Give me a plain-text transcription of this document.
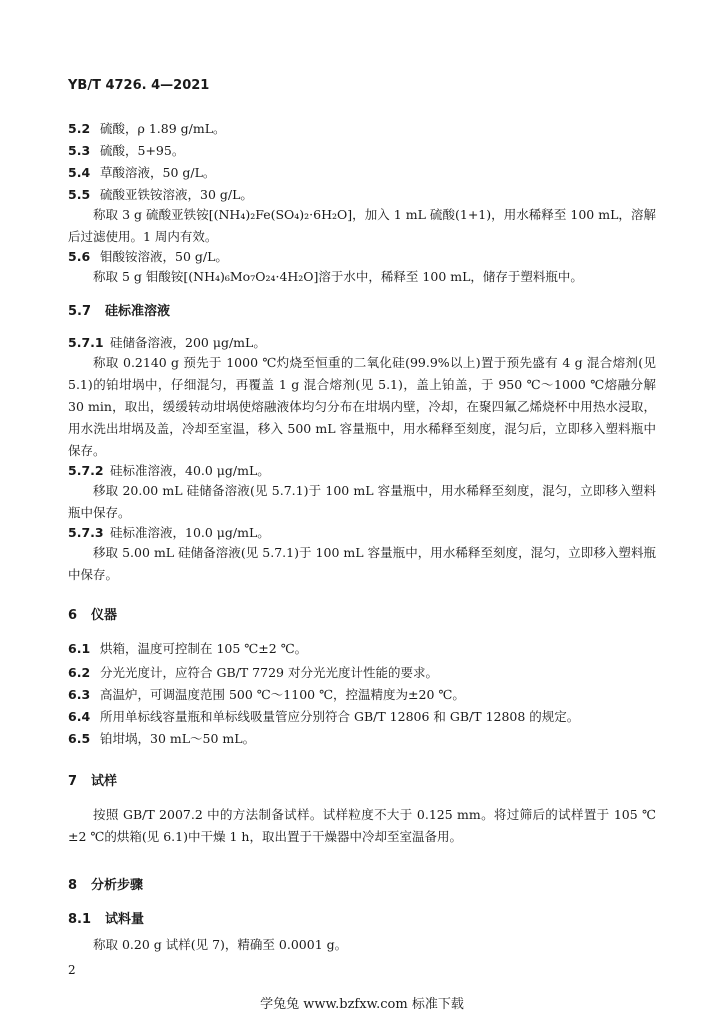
YB/T 4726. 4—2021
5.2 硫酸，ρ 1.89 g/mL。
5.3 硫酸，5+95。
5.4 草酸溶液，50 g/L。
5.5 硫酸亚铁铵溶液，30 g/L。
称取 3 g 硫酸亚铁铵[(NH₄)₂Fe(SO₄)₂·6H₂O]，加入 1 mL 硫酸(1+1)，用水稀释至 100 mL，溶解后过滤使用。1 周内有效。
5.6 钼酸铵溶液，50 g/L。
称取 5 g 钼酸铵[(NH₄)₆Mo₇O₂₄·4H₂O]溶于水中，稀释至 100 mL，储存于塑料瓶中。
5.7 硅标准溶液
5.7.1 硅储备溶液，200 μg/mL。
称取 0.2140 g 预先于 1000 ℃灼烧至恒重的二氧化硅(99.9%以上)置于预先盛有 4 g 混合熔剂(见 5.1)的铂坩埚中，仔细混匀，再覆盖 1 g 混合熔剂(见 5.1)，盖上铂盖，于 950 ℃～1000 ℃熔融分解 30 min，取出，缓缓转动坩埚使熔融液体均匀分布在坩埚内壁，冷却，在聚四氟乙烯烧杯中用热水浸取，用水洗出坩埚及盖，冷却至室温，移入 500 mL 容量瓶中，用水稀释至刻度，混匀后，立即移入塑料瓶中保存。
5.7.2 硅标准溶液，40.0 μg/mL。
移取 20.00 mL 硅储备溶液(见 5.7.1)于 100 mL 容量瓶中，用水稀释至刻度，混匀，立即移入塑料瓶中保存。
5.7.3 硅标准溶液，10.0 μg/mL。
移取 5.00 mL 硅储备溶液(见 5.7.1)于 100 mL 容量瓶中，用水稀释至刻度，混匀，立即移入塑料瓶中保存。
6 仪器
6.1 烘箱，温度可控制在 105 ℃±2 ℃。
6.2 分光光度计，应符合 GB/T 7729 对分光光度计性能的要求。
6.3 高温炉，可调温度范围 500 ℃～1100 ℃，控温精度为±20 ℃。
6.4 所用单标线容量瓶和单标线吸量管应分别符合 GB/T 12806 和 GB/T 12808 的规定。
6.5 铂坩埚，30 mL～50 mL。
7 试样
按照 GB/T 2007.2 中的方法制备试样。试样粒度不大于 0.125 mm。将过筛后的试样置于 105 ℃±2 ℃的烘箱(见 6.1)中干燥 1 h，取出置于干燥器中冷却至室温备用。
8 分析步骤
8.1 试料量
称取 0.20 g 试样(见 7)，精确至 0.0001 g。
2
学兔兔 www.bzfxw.com 标准下载
